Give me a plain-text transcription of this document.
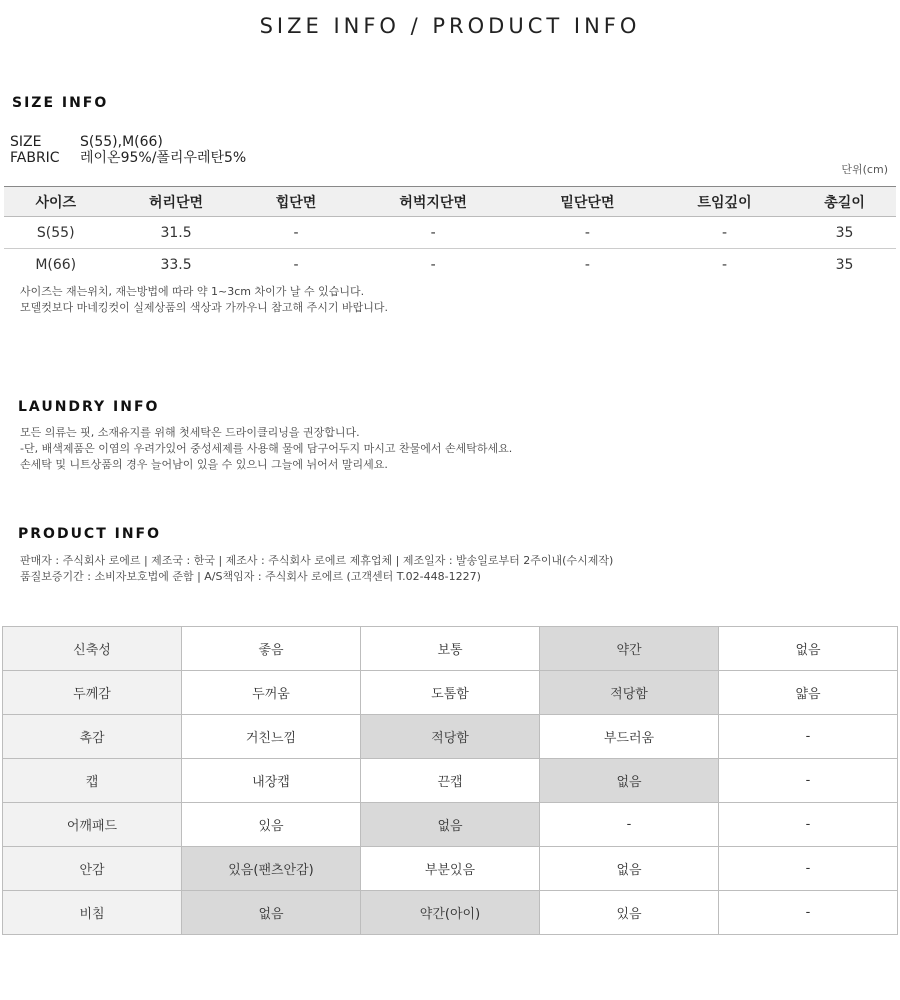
SIZE INFO / PRODUCT INFO
SIZE INFO
SIZE	S(55),M(66)
FABRIC 레이온95%/폴리우레탄5%
단위(cm)
사이즈	허리단면	힙단면	허벅지단면	밑단단면	트임깊이	총길이
S(55)	31.5	-	-	-	-	35
M(66)	33.5	-	-	-	-	35
사이즈는 재는위치, 재는방법에 따라 약 1~3cm 차이가 날 수 있습니다.
모델컷보다 마네킹컷이 실제상품의 색상과 가까우니 참고해 주시기 바랍니다.
LAUNDRY INFO
모든 의류는 핏, 소재유지를 위해 첫세탁은 드라이클리닝을 권장합니다.
-단, 배색제품은 이염의 우려가있어 중성세제를 사용해 물에 담구어두지 마시고 찬물에서 손세탁하세요.
손세탁 및 니트상품의 경우 늘어남이 있을 수 있으니 그늘에 뉘어서 말리세요.
PRODUCT INFO
판매자 : 주식회사 로에르 | 제조국 : 한국 | 제조사 : 주식회사 로에르 제휴업체 | 제조일자 : 발송일로부터 2주이내(수시제작)
품질보증기간 : 소비자보호법에 준함 | A/S책임자 : 주식회사 로에르 (고객센터 T.02-448-1227)
신축성	좋음	보통	약간	없음
두께감	두꺼움	도톰함	적당함	얇음
촉감	거친느낌	적당함	부드러움	-
캡	내장캡	끈캡	없음	-
어깨패드	있음	없음	-	-
안감	있음(팬츠안감)	부분있음	없음	-
비침	없음	약간(아이)	있음	-
